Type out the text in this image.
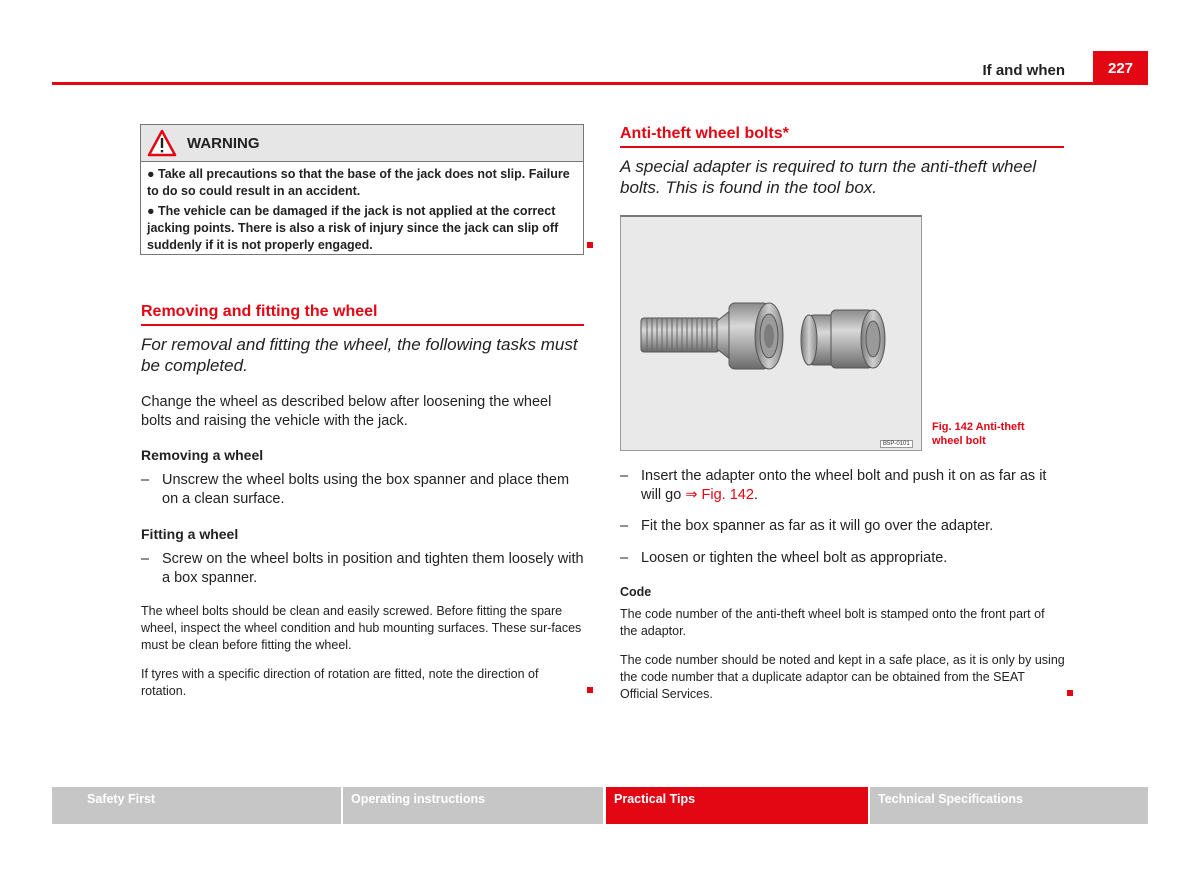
If and when	227
WARNING
● Take all precautions so that the base of the jack does not slip. Failure to do so could result in an accident.
● The vehicle can be damaged if the jack is not applied at the correct jacking points. There is also a risk of injury since the jack can slip off suddenly if it is not properly engaged.
Removing and fitting the wheel
For removal and fitting the wheel, the following tasks must be completed.
Change the wheel as described below after loosening the wheel bolts and raising the vehicle with the jack.
Removing a wheel
– Unscrew the wheel bolts using the box spanner and place them on a clean surface.
Fitting a wheel
– Screw on the wheel bolts in position and tighten them loosely with a box spanner.
The wheel bolts should be clean and easily screwed. Before fitting the spare wheel, inspect the wheel condition and hub mounting surfaces. These sur-faces must be clean before fitting the wheel.
If tyres with a specific direction of rotation are fitted, note the direction of rotation.
Anti-theft wheel bolts*
A special adapter is required to turn the anti-theft wheel bolts. This is found in the tool box.
B5P-0101
Fig. 142 Anti-theft
wheel bolt
– Insert the adapter onto the wheel bolt and push it on as far as it will go ⇒ Fig. 142.
– Fit the box spanner as far as it will go over the adapter.
– Loosen or tighten the wheel bolt as appropriate.
Code
The code number of the anti-theft wheel bolt is stamped onto the front part of the adaptor.
The code number should be noted and kept in a safe place, as it is only by using the code number that a duplicate adaptor can be obtained from the SEAT Official Services.
Safety First	Operating instructions	Practical Tips	Technical Specifications
